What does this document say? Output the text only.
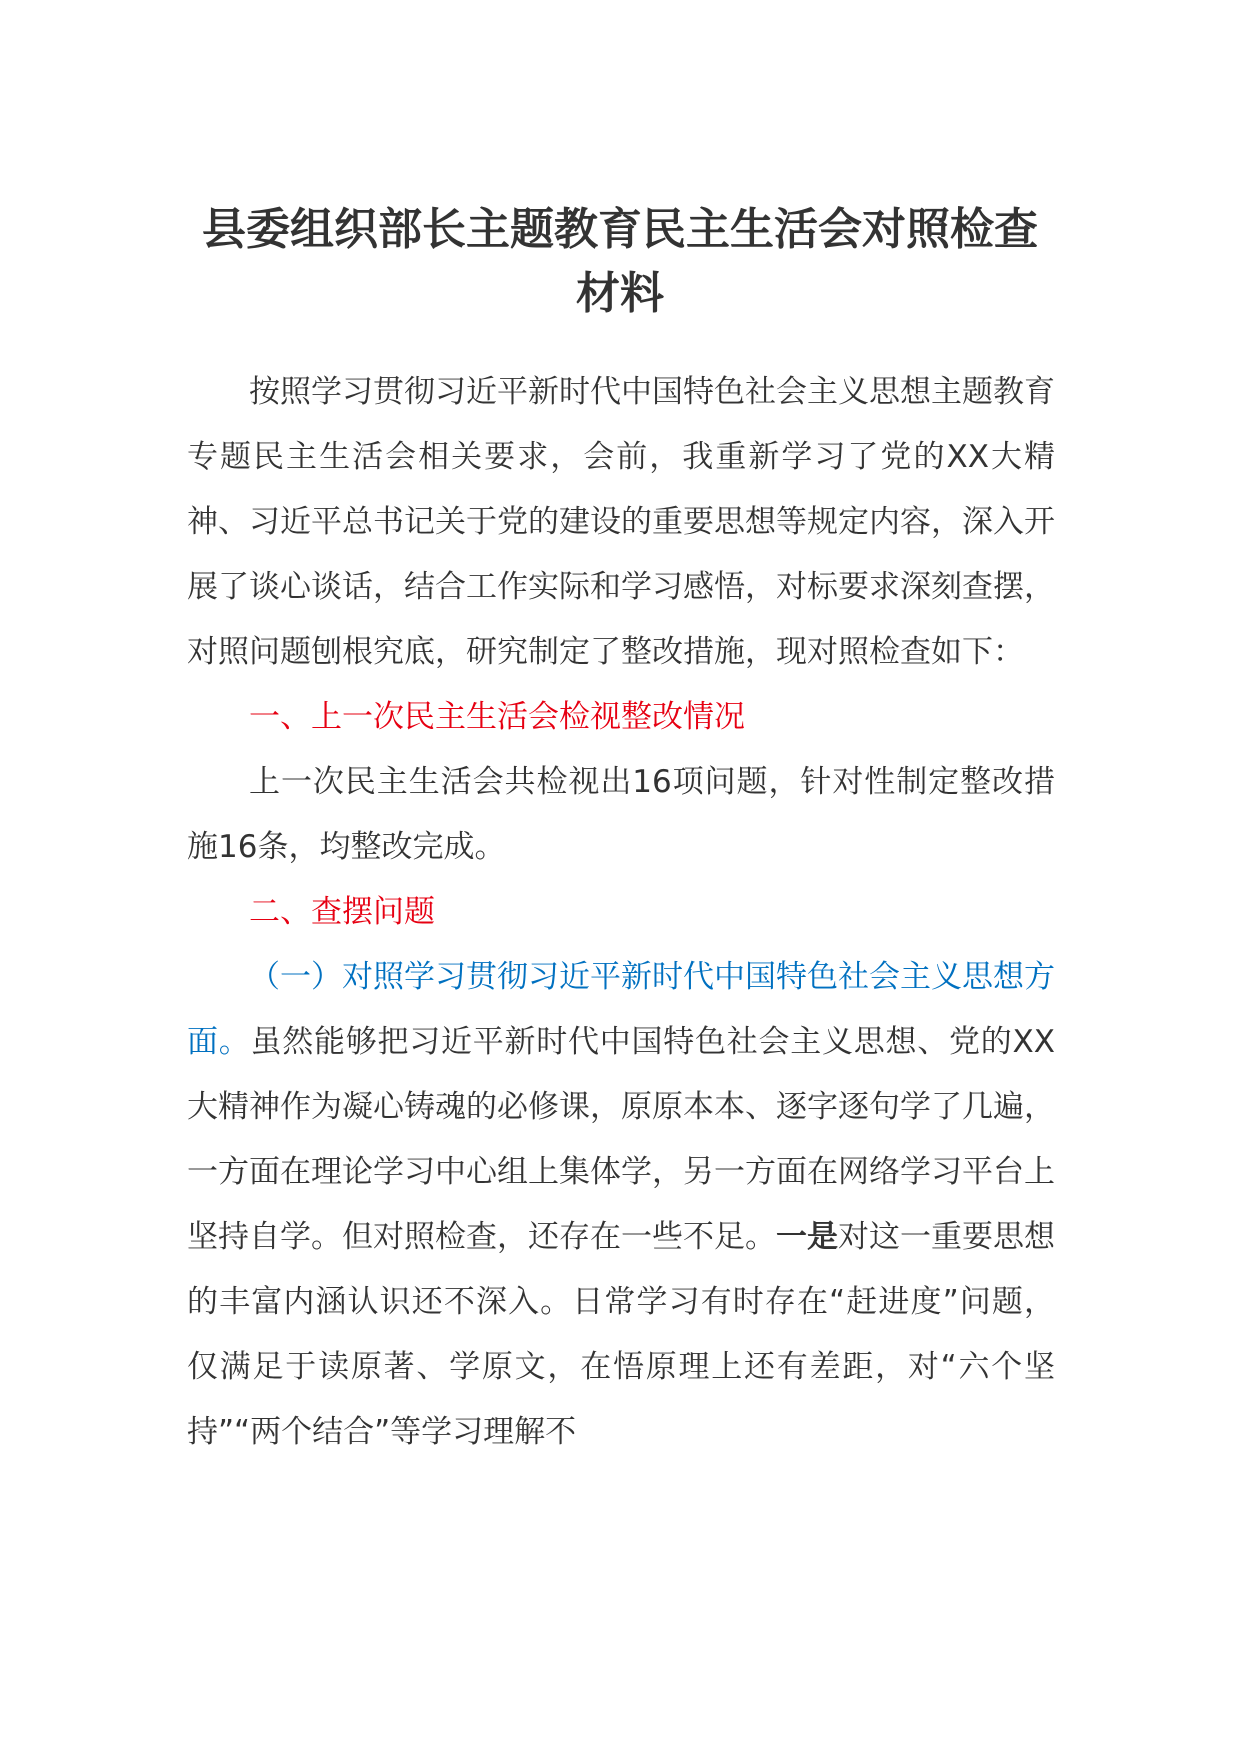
县委组织部长主题教育民主生活会对照检查材料

按照学习贯彻习近平新时代中国特色社会主义思想主题教育专题民主生活会相关要求，会前，我重新学习了党的XX大精神、习近平总书记关于党的建设的重要思想等规定内容，深入开展了谈心谈话，结合工作实际和学习感悟，对标要求深刻查摆，对照问题刨根究底，研究制定了整改措施，现对照检查如下：

一、上一次民主生活会检视整改情况

上一次民主生活会共检视出16项问题，针对性制定整改措施16条，均整改完成。

二、查摆问题

（一）对照学习贯彻习近平新时代中国特色社会主义思想方面。虽然能够把习近平新时代中国特色社会主义思想、党的XX大精神作为凝心铸魂的必修课，原原本本、逐字逐句学了几遍，一方面在理论学习中心组上集体学，另一方面在网络学习平台上坚持自学。但对照检查，还存在一些不足。一是对这一重要思想的丰富内涵认识还不深入。日常学习有时存在“赶进度”问题，仅满足于读原著、学原文，在悟原理上还有差距，对“六个坚持”“两个结合”等学习理解不
